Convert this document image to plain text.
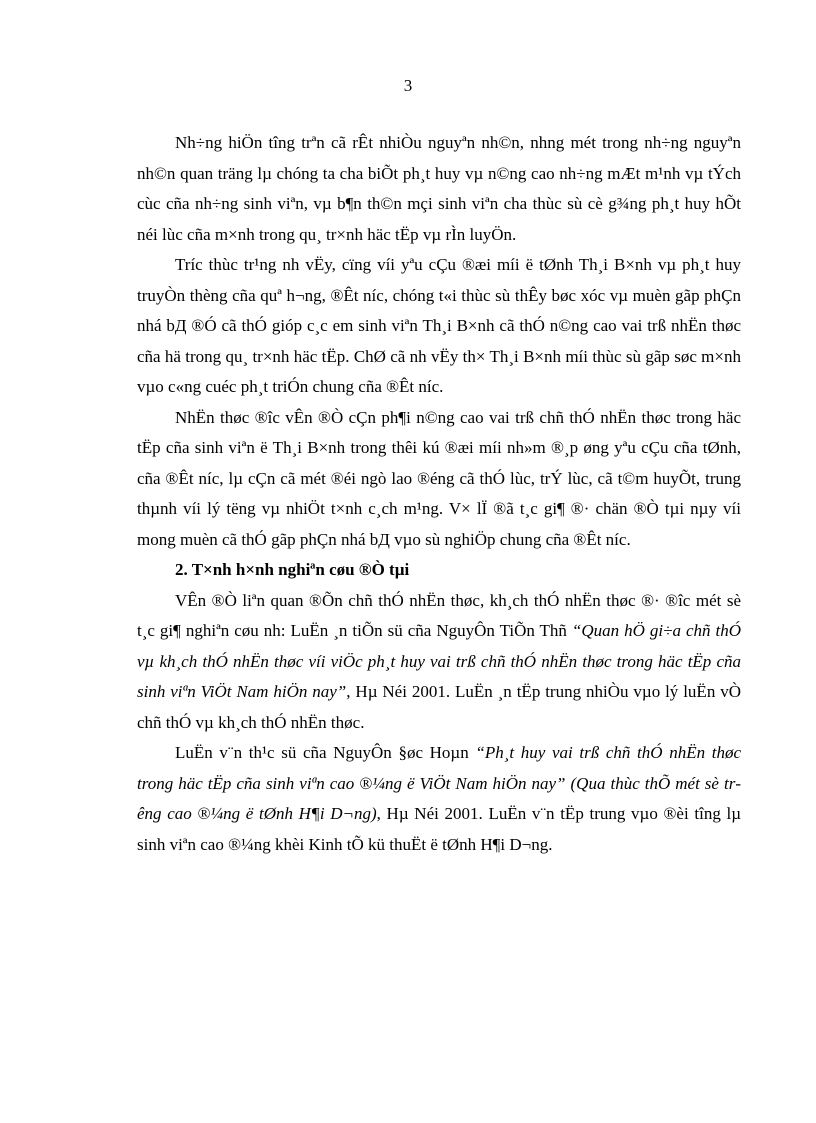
3

Nh÷ng hiÖn tîng trªn cã rÊt nhiÒu nguyªn nh©n, nhng mét trong nh÷ng nguyªn nh©n quan träng lµ chóng ta cha biÕt ph¸t huy vµ n©ng cao nh÷ng mÆt m¹nh vµ tÝch cùc cña nh÷ng sinh viªn, vµ b¶n th©n mçi sinh viªn cha thùc sù cè g¾ng ph¸t huy hÕt néi lùc cña m×nh trong qu¸ tr×nh häc tËp vµ rÌn luyÖn.

Tríc thùc tr¹ng nh vËy, cïng víi yªu cÇu ®æi míi ë tØnh Th¸i B×nh vµ ph¸t huy truyÒn thèng cña quª h¬ng, ®Êt níc, chóng t«i thùc sù thÊy bøc xóc vµ muèn gãp phÇn nhá bД ®Ó cã thÓ gióp c¸c em sinh viªn Th¸i B×nh cã thÓ n©ng cao vai trß nhËn thøc cña hä trong qu¸ tr×nh häc tËp. ChØ cã nh vËy th× Th¸i B×nh míi thùc sù gãp søc m×nh vµo c«ng cuéc ph¸t triÓn chung cña ®Êt níc.

NhËn thøc ®îc vÊn ®Ò cÇn ph¶i n©ng cao vai trß chñ thÓ nhËn thøc trong häc tËp cña sinh viªn ë Th¸i B×nh trong thêi kú ®æi míi nh»m ®¸p øng yªu cÇu cña tØnh, cña ®Êt níc, lµ cÇn cã mét ®éi ngò lao ®éng cã thÓ lùc, trÝ lùc, cã t©m huyÕt, trung thµnh víi lý tëng vµ nhiÖt t×nh c¸ch m¹ng. V× lÏ ®ã t¸c gi¶ ®· chän ®Ò tµi nµy víi mong muèn cã thÓ gãp phÇn nhá bД vµo sù nghiÖp chung cña ®Êt níc.

2. T×nh h×nh nghiªn cøu ®Ò tµi

VÊn ®Ò liªn quan ®Õn chñ thÓ nhËn thøc, kh¸ch thÓ nhËn thøc ®· ®îc mét sè t¸c gi¶ nghiªn cøu nh: LuËn ¸n tiÕn sü cña NguyÔn TiÕn Thñ “Quan hÖ gi÷a chñ thÓ vµ kh¸ch thÓ nhËn thøc víi viÖc ph¸t huy vai trß chñ thÓ nhËn thøc trong häc tËp cña sinh viªn ViÖt Nam hiÖn nay”, Hµ Néi 2001. LuËn ¸n tËp trung nhiÒu vµo lý luËn vÒ chñ thÓ vµ kh¸ch thÓ nhËn thøc.

LuËn v¨n th¹c sü cña NguyÔn §øc Hoµn “Ph¸t huy vai trß chñ thÓ nhËn thøc trong häc tËp cña sinh viªn cao ®¼ng ë ViÖt Nam hiÖn nay” (Qua thùc thÕ mét sè trêng cao ®¼ng ë tØnh H¶i D¬ng), Hµ Néi 2001. LuËn v¨n tËp trung vµo ®èi tîng lµ sinh viªn cao ®¼ng khèi Kinh tÕ kü thuËt ë tØnh H¶i D¬ng.
